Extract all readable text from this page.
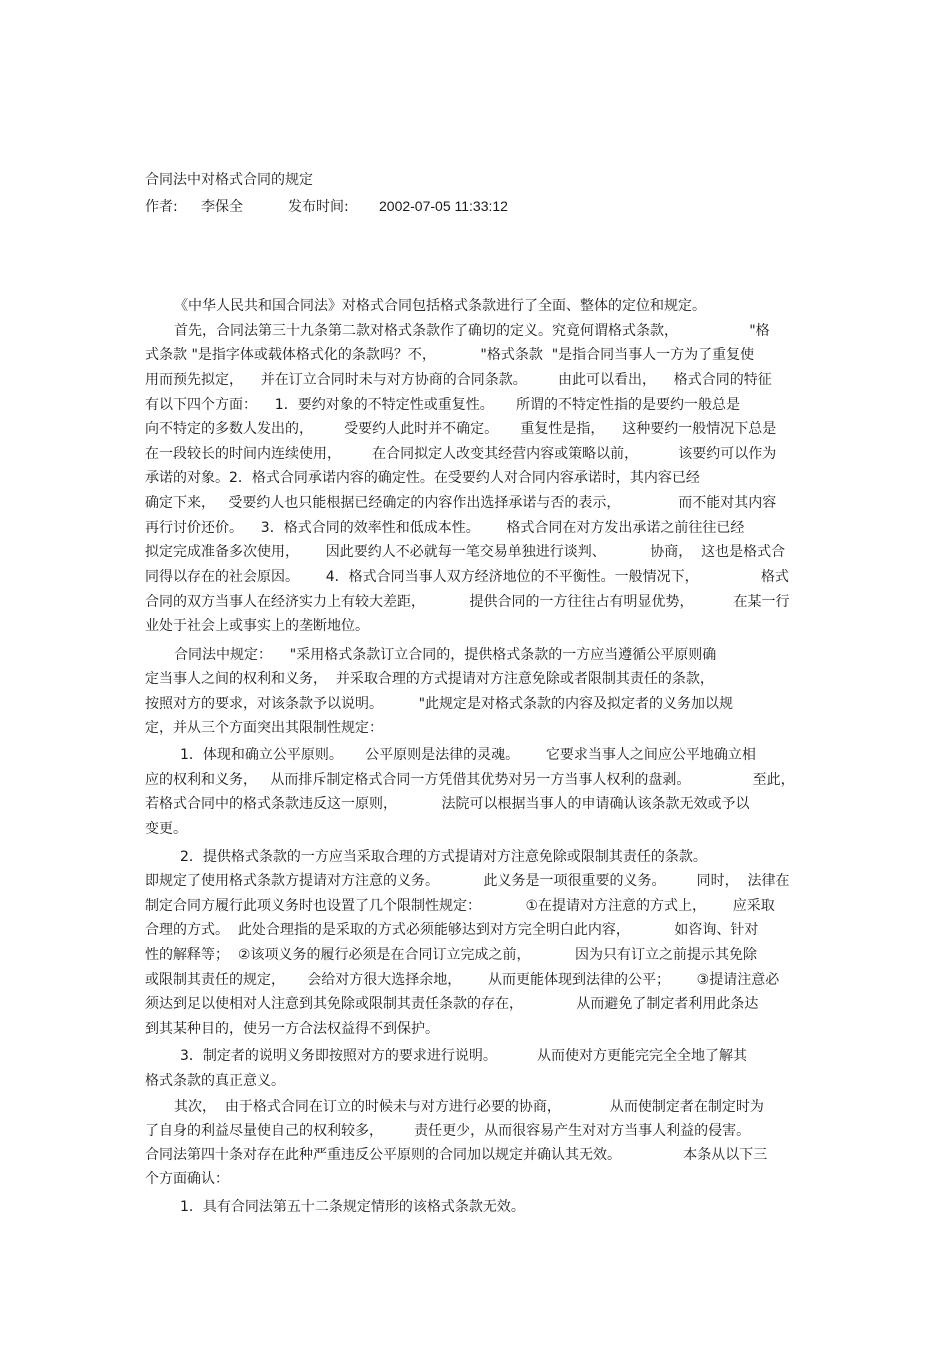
合同法中对格式合同的规定
作者: 李保全	发布时间: 2002-07-05 11:33:12
《中华人民共和国合同法》对格式合同包括格式条款进行了全面、整体的定位和规定。
首先，合同法第三十九条第二款对格式条款作了确切的定义。究竟何谓格式条款，                "格
式条款 "是指字体或载体格式化的条款吗？不，          "格式条款  "是指合同当事人一方为了重复使
用而预先拟定，    并在订立合同时未与对方协商的合同条款。       由此可以看出，    格式合同的特征
有以下四个方面：    1．要约对象的不特定性或重复性。     所谓的不特定性指的是要约一般总是
向不特定的多数人发出的，       受要约人此时并不确定。     重复性是指，    这种要约一般情况下总是
在一段较长的时间内连续使用，       在合同拟定人改变其经营内容或策略以前，         该要约可以作为
承诺的对象。2．格式合同承诺内容的确定性。在受要约人对合同内容承诺时，其内容已经
确定下来，   受要约人也只能根据已经确定的内容作出选择承诺与否的表示，             而不能对其内容
再行讨价还价。    3．格式合同的效率性和低成本性。      格式合同在对方发出承诺之前往往已经
拟定完成准备多次使用，      因此要约人不必就每一笔交易单独进行谈判、          协商，  这也是格式合
同得以存在的社会原因。      4．格式合同当事人双方经济地位的不平衡性。一般情况下，              格式
合同的双方当事人在经济实力上有较大差距，          提供合同的一方往往占有明显优势，         在某一行
业处于社会上或事实上的垄断地位。
合同法中规定：    "采用格式条款订立合同的，提供格式条款的一方应当遵循公平原则确
定当事人之间的权利和义务，  并采取合理的方式提请对方注意免除或者限制其责任的条款，
按照对方的要求，对该条款予以说明。        "此规定是对格式条款的内容及拟定者的义务加以规
定，并从三个方面突出其限制性规定：
1．体现和确立公平原则。     公平原则是法律的灵魂。      它要求当事人之间应公平地确立相
应的权利和义务，   从而排斥制定格式合同一方凭借其优势对另一方当事人权利的盘剥。              至此，
若格式合同中的格式条款违反这一原则，          法院可以根据当事人的申请确认该条款无效或予以
变更。
2．提供格式条款的一方应当采取合理的方式提请对方注意免除或限制其责任的条款。
即规定了使用格式条款方提请对方注意的义务。          此义务是一项很重要的义务。       同时，  法律在
制定合同方履行此项义务时也设置了几个限制性规定：          ①在提请对方注意的方式上，      应采取
合理的方式。  此处合理指的是采取的方式必须能够达到对方完全明白此内容，          如咨询、针对
性的解释等；  ②该项义务的履行必须是在合同订立完成之前，          因为只有订立之前提示其免除
或限制其责任的规定，     会给对方很大选择余地，      从而更能体现到法律的公平；      ③提请注意必
须达到足以使相对人注意到其免除或限制其责任条款的存在，            从而避免了制定者利用此条达
到其某种目的，使另一方合法权益得不到保护。
3．制定者的说明义务即按照对方的要求进行说明。         从而使对方更能完完全全地了解其
格式条款的真正意义。
其次，  由于格式合同在订立的时候未与对方进行必要的协商，           从而使制定者在制定时为
了自身的利益尽量使自己的权利较多，       责任更少，从而很容易产生对对方当事人利益的侵害。
合同法第四十条对存在此种严重违反公平原则的合同加以规定并确认其无效。              本条从以下三
个方面确认：
1．具有合同法第五十二条规定情形的该格式条款无效。
